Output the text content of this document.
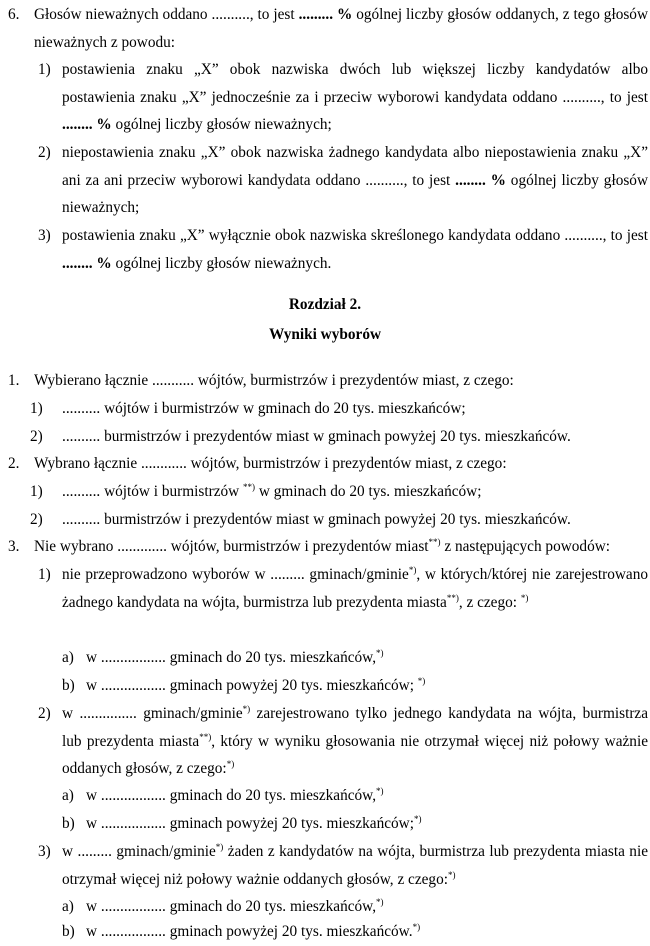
6. Głosów nieważnych oddano .........., to jest ......... % ogólnej liczby głosów oddanych, z tego głosów nieważnych z powodu:
1) postawienia znaku „X” obok nazwiska dwóch lub większej liczby kandydatów albo postawienia znaku „X” jednocześnie za i przeciw wyborowi kandydata oddano .........., to jest ........ % ogólnej liczby głosów nieważnych;
2) niepostawienia znaku „X” obok nazwiska żadnego kandydata albo niepostawienia znaku „X” ani za ani przeciw wyborowi kandydata oddano .........., to jest ........ % ogólnej liczby głosów nieważnych;
3) postawienia znaku „X” wyłącznie obok nazwiska skreślonego kandydata oddano .........., to jest ........ % ogólnej liczby głosów nieważnych.
Rozdział 2.
Wyniki wyborów
1. Wybierano łącznie ........... wójtów, burmistrzów i prezydentów miast, z czego:
1) .......... wójtów i burmistrzów w gminach do 20 tys. mieszkańców;
2) .......... burmistrzów i prezydentów miast w gminach powyżej 20 tys. mieszkańców.
2. Wybrano łącznie ............ wójtów, burmistrzów i prezydentów miast, z czego:
1) .......... wójtów i burmistrzów **) w gminach do 20 tys. mieszkańców;
2) .......... burmistrzów i prezydentów miast w gminach powyżej 20 tys. mieszkańców.
3. Nie wybrano ............. wójtów, burmistrzów i prezydentów miast**) z następujących powodów:
1) nie przeprowadzono wyborów w ......... gminach/gminie*), w których/której nie zarejestrowano żadnego kandydata na wójta, burmistrza lub prezydenta miasta**), z czego: *)
a) w ................. gminach do 20 tys. mieszkańców,*)
b) w ................. gminach powyżej 20 tys. mieszkańców; *)
2) w ............... gminach/gminie*) zarejestrowano tylko jednego kandydata na wójta, burmistrza lub prezydenta miasta**), który w wyniku głosowania nie otrzymał więcej niż połowy ważnie oddanych głosów, z czego:*)
a) w ................. gminach do 20 tys. mieszkańców,*)
b) w ................. gminach powyżej 20 tys. mieszkańców;*)
3) w ......... gminach/gminie*) żaden z kandydatów na wójta, burmistrza lub prezydenta miasta nie otrzymał więcej niż połowy ważnie oddanych głosów, z czego:*)
a) w ................. gminach do 20 tys. mieszkańców,*)
b) w ................. gminach powyżej 20 tys. mieszkańców.*)
